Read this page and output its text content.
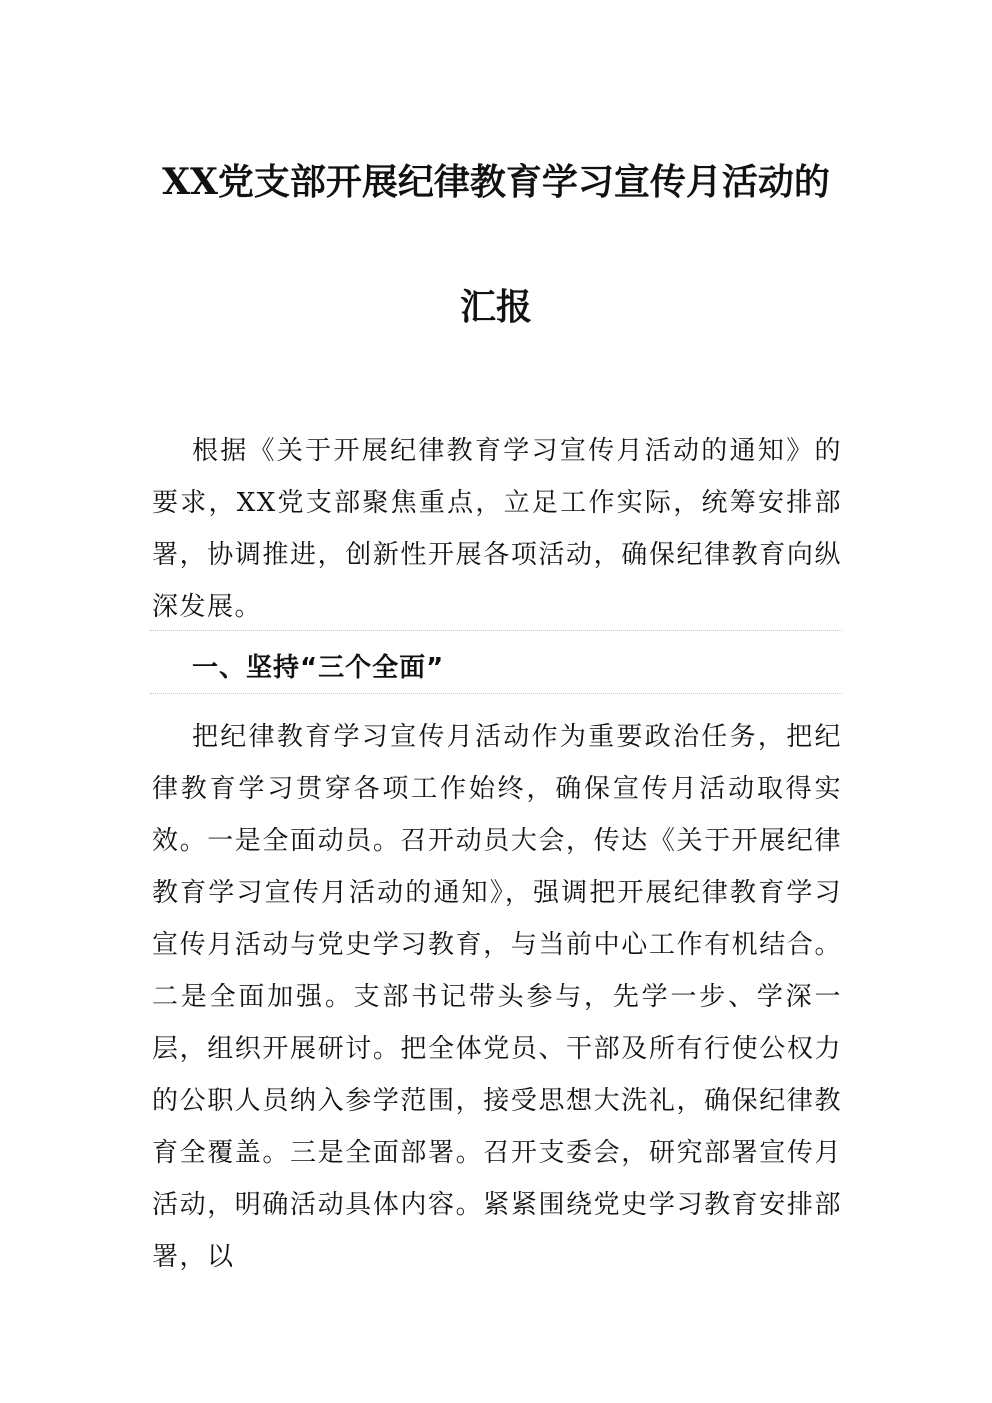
XX党支部开展纪律教育学习宣传月活动的
汇报

根据《关于开展纪律教育学习宣传月活动的通知》的要求，XX党支部聚焦重点，立足工作实际，统筹安排部署，协调推进，创新性开展各项活动，确保纪律教育向纵深发展。

一、坚持“三个全面”

把纪律教育学习宣传月活动作为重要政治任务，把纪律教育学习贯穿各项工作始终，确保宣传月活动取得实效。一是全面动员。召开动员大会，传达《关于开展纪律教育学习宣传月活动的通知》，强调把开展纪律教育学习宣传月活动与党史学习教育，与当前中心工作有机结合。二是全面加强。支部书记带头参与，先学一步、学深一层，组织开展研讨。把全体党员、干部及所有行使公权力的公职人员纳入参学范围，接受思想大洗礼，确保纪律教育全覆盖。三是全面部署。召开支委会，研究部署宣传月活动，明确活动具体内容。紧紧围绕党史学习教育安排部署，以
